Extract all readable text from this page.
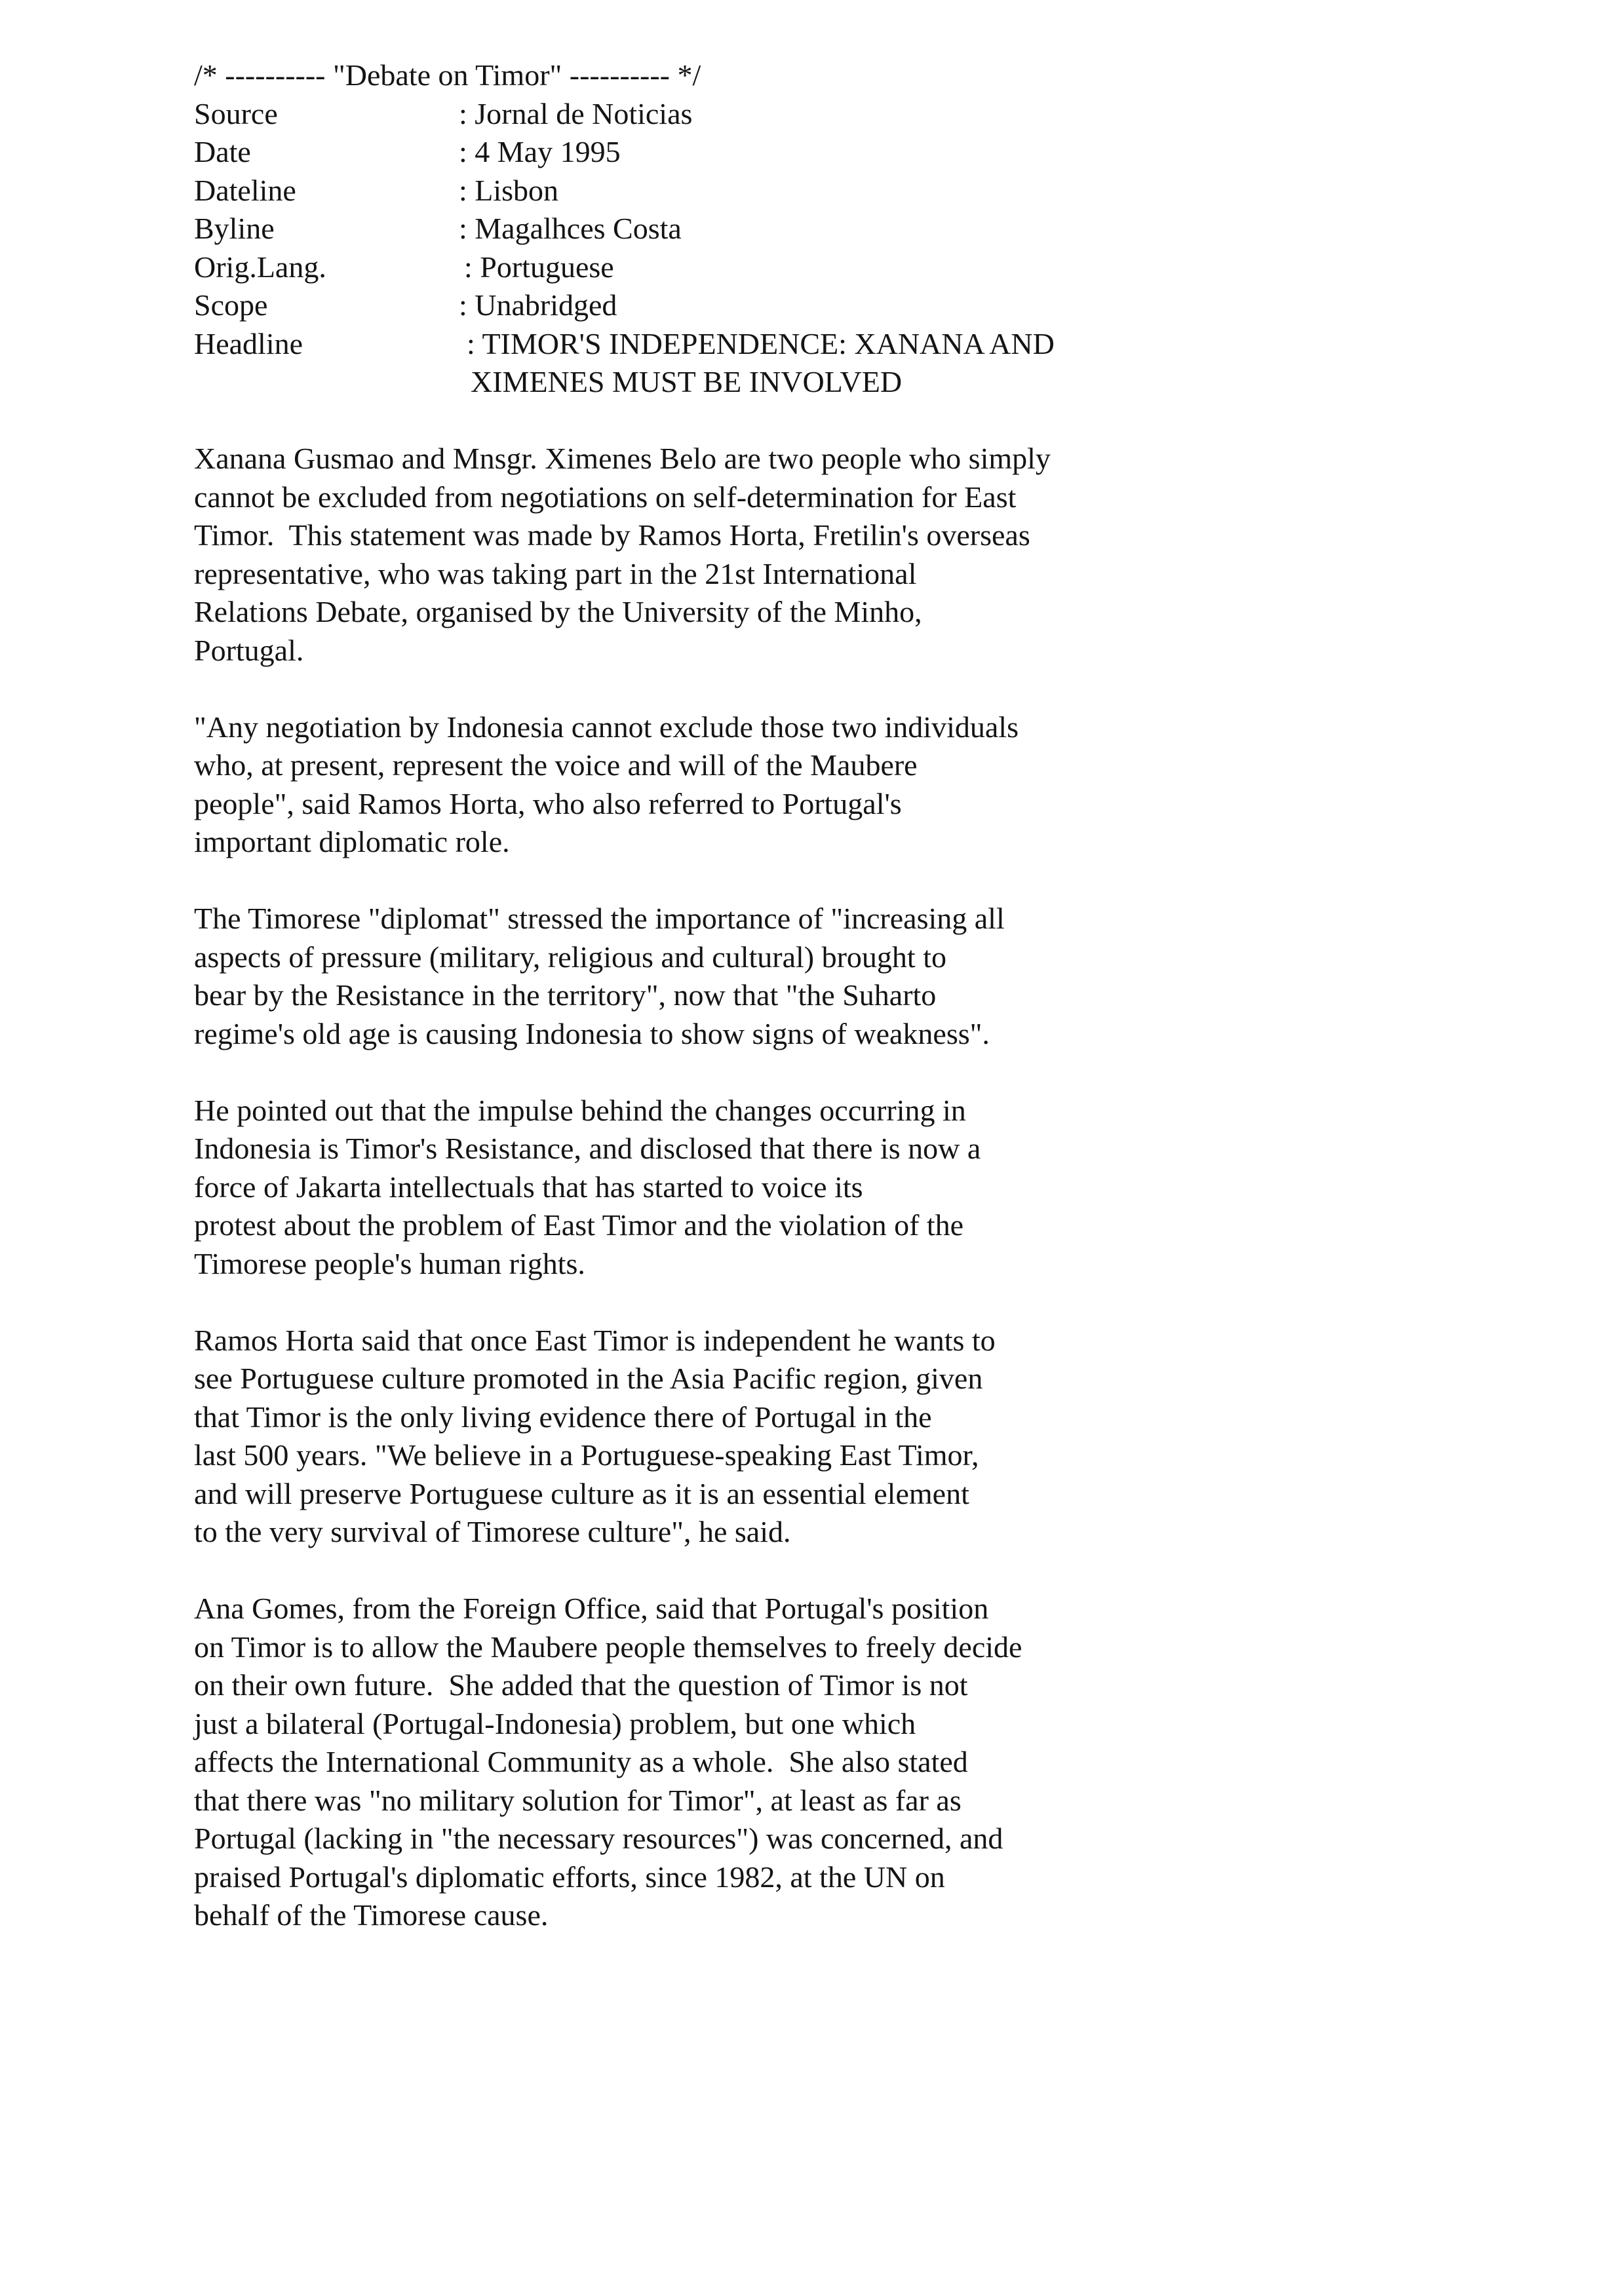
/* ---------- "Debate on Timor" ---------- */
Source	: Jornal de Noticias
Date	: 4 May 1995
Dateline	: Lisbon
Byline	: Magalhces Costa
Orig.Lang.	: Portuguese
Scope	: Unabridged
Headline	: TIMOR'S INDEPENDENCE: XANANA AND
XIMENES MUST BE INVOLVED
Xanana Gusmao and Mnsgr. Ximenes Belo are two people who simply
cannot be excluded from negotiations on self-determination for East
Timor.  This statement was made by Ramos Horta, Fretilin's overseas
representative, who was taking part in the 21st International
Relations Debate, organised by the University of the Minho,
Portugal.
"Any negotiation by Indonesia cannot exclude those two individuals
who, at present, represent the voice and will of the Maubere
people", said Ramos Horta, who also referred to Portugal's
important diplomatic role.
The Timorese "diplomat" stressed the importance of "increasing all
aspects of pressure (military, religious and cultural) brought to
bear by the Resistance in the territory", now that "the Suharto
regime's old age is causing Indonesia to show signs of weakness".
He pointed out that the impulse behind the changes occurring in
Indonesia is Timor's Resistance, and disclosed that there is now a
force of Jakarta intellectuals that has started to voice its
protest about the problem of East Timor and the violation of the
Timorese people's human rights.
Ramos Horta said that once East Timor is independent he wants to
see Portuguese culture promoted in the Asia Pacific region, given
that Timor is the only living evidence there of Portugal in the
last 500 years. "We believe in a Portuguese-speaking East Timor,
and will preserve Portuguese culture as it is an essential element
to the very survival of Timorese culture", he said.
Ana Gomes, from the Foreign Office, said that Portugal's position
on Timor is to allow the Maubere people themselves to freely decide
on their own future.  She added that the question of Timor is not
just a bilateral (Portugal-Indonesia) problem, but one which
affects the International Community as a whole.  She also stated
that there was "no military solution for Timor", at least as far as
Portugal (lacking in "the necessary resources") was concerned, and
praised Portugal's diplomatic efforts, since 1982, at the UN on
behalf of the Timorese cause.
